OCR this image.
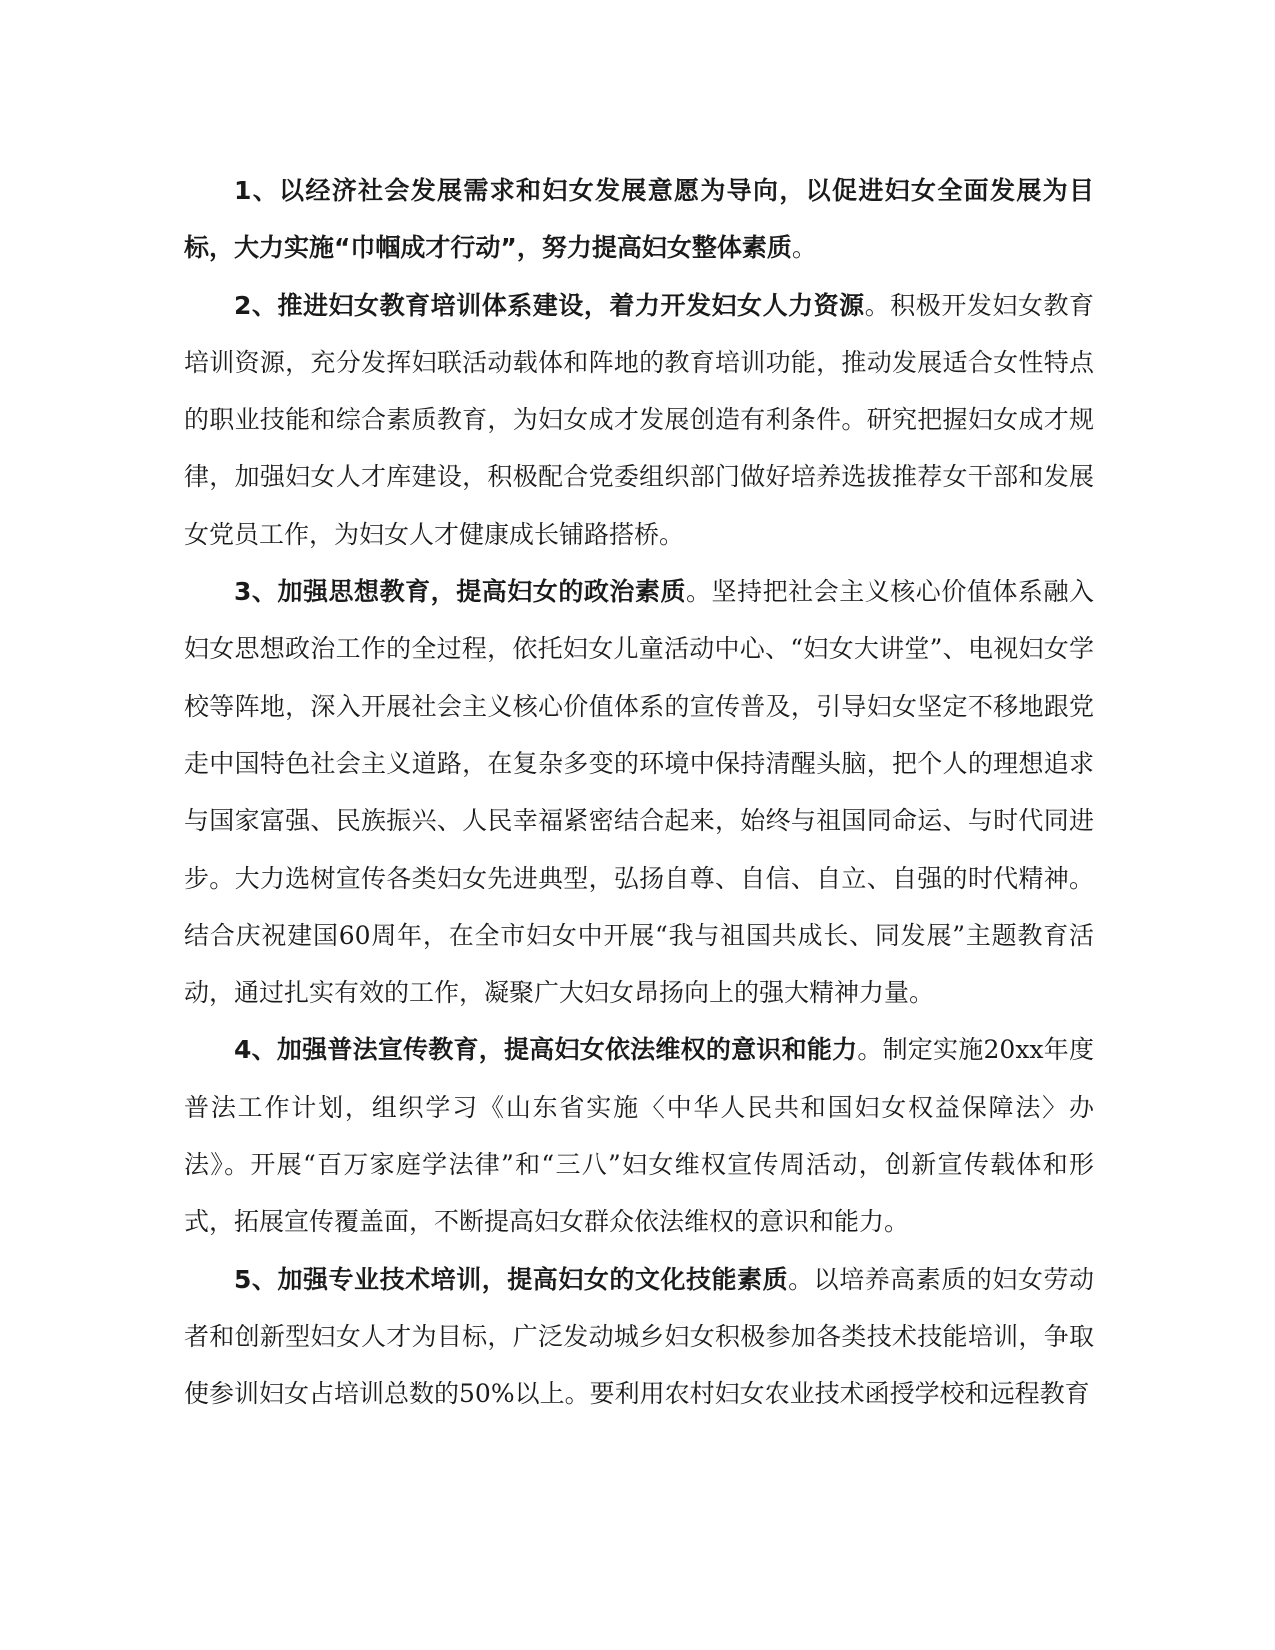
1、以经济社会发展需求和妇女发展意愿为导向，以促进妇女全面发展为目标，大力实施“巾帼成才行动”，努力提高妇女整体素质。

2、推进妇女教育培训体系建设，着力开发妇女人力资源。积极开发妇女教育培训资源，充分发挥妇联活动载体和阵地的教育培训功能，推动发展适合女性特点的职业技能和综合素质教育，为妇女成才发展创造有利条件。研究把握妇女成才规律，加强妇女人才库建设，积极配合党委组织部门做好培养选拔推荐女干部和发展女党员工作，为妇女人才健康成长铺路搭桥。

3、加强思想教育，提高妇女的政治素质。坚持把社会主义核心价值体系融入妇女思想政治工作的全过程，依托妇女儿童活动中心、“妇女大讲堂”、电视妇女学校等阵地，深入开展社会主义核心价值体系的宣传普及，引导妇女坚定不移地跟党走中国特色社会主义道路，在复杂多变的环境中保持清醒头脑，把个人的理想追求与国家富强、民族振兴、人民幸福紧密结合起来，始终与祖国同命运、与时代同进步。大力选树宣传各类妇女先进典型，弘扬自尊、自信、自立、自强的时代精神。结合庆祝建国60周年，在全市妇女中开展“我与祖国共成长、同发展”主题教育活动，通过扎实有效的工作，凝聚广大妇女昂扬向上的强大精神力量。

4、加强普法宣传教育，提高妇女依法维权的意识和能力。制定实施20xx年度普法工作计划，组织学习《山东省实施〈中华人民共和国妇女权益保障法〉办法》。开展“百万家庭学法律”和“三八”妇女维权宣传周活动，创新宣传载体和形式，拓展宣传覆盖面，不断提高妇女群众依法维权的意识和能力。

5、加强专业技术培训，提高妇女的文化技能素质。以培养高素质的妇女劳动者和创新型妇女人才为目标，广泛发动城乡妇女积极参加各类技术技能培训，争取使参训妇女占培训总数的50%以上。要利用农村妇女农业技术函授学校和远程教育
